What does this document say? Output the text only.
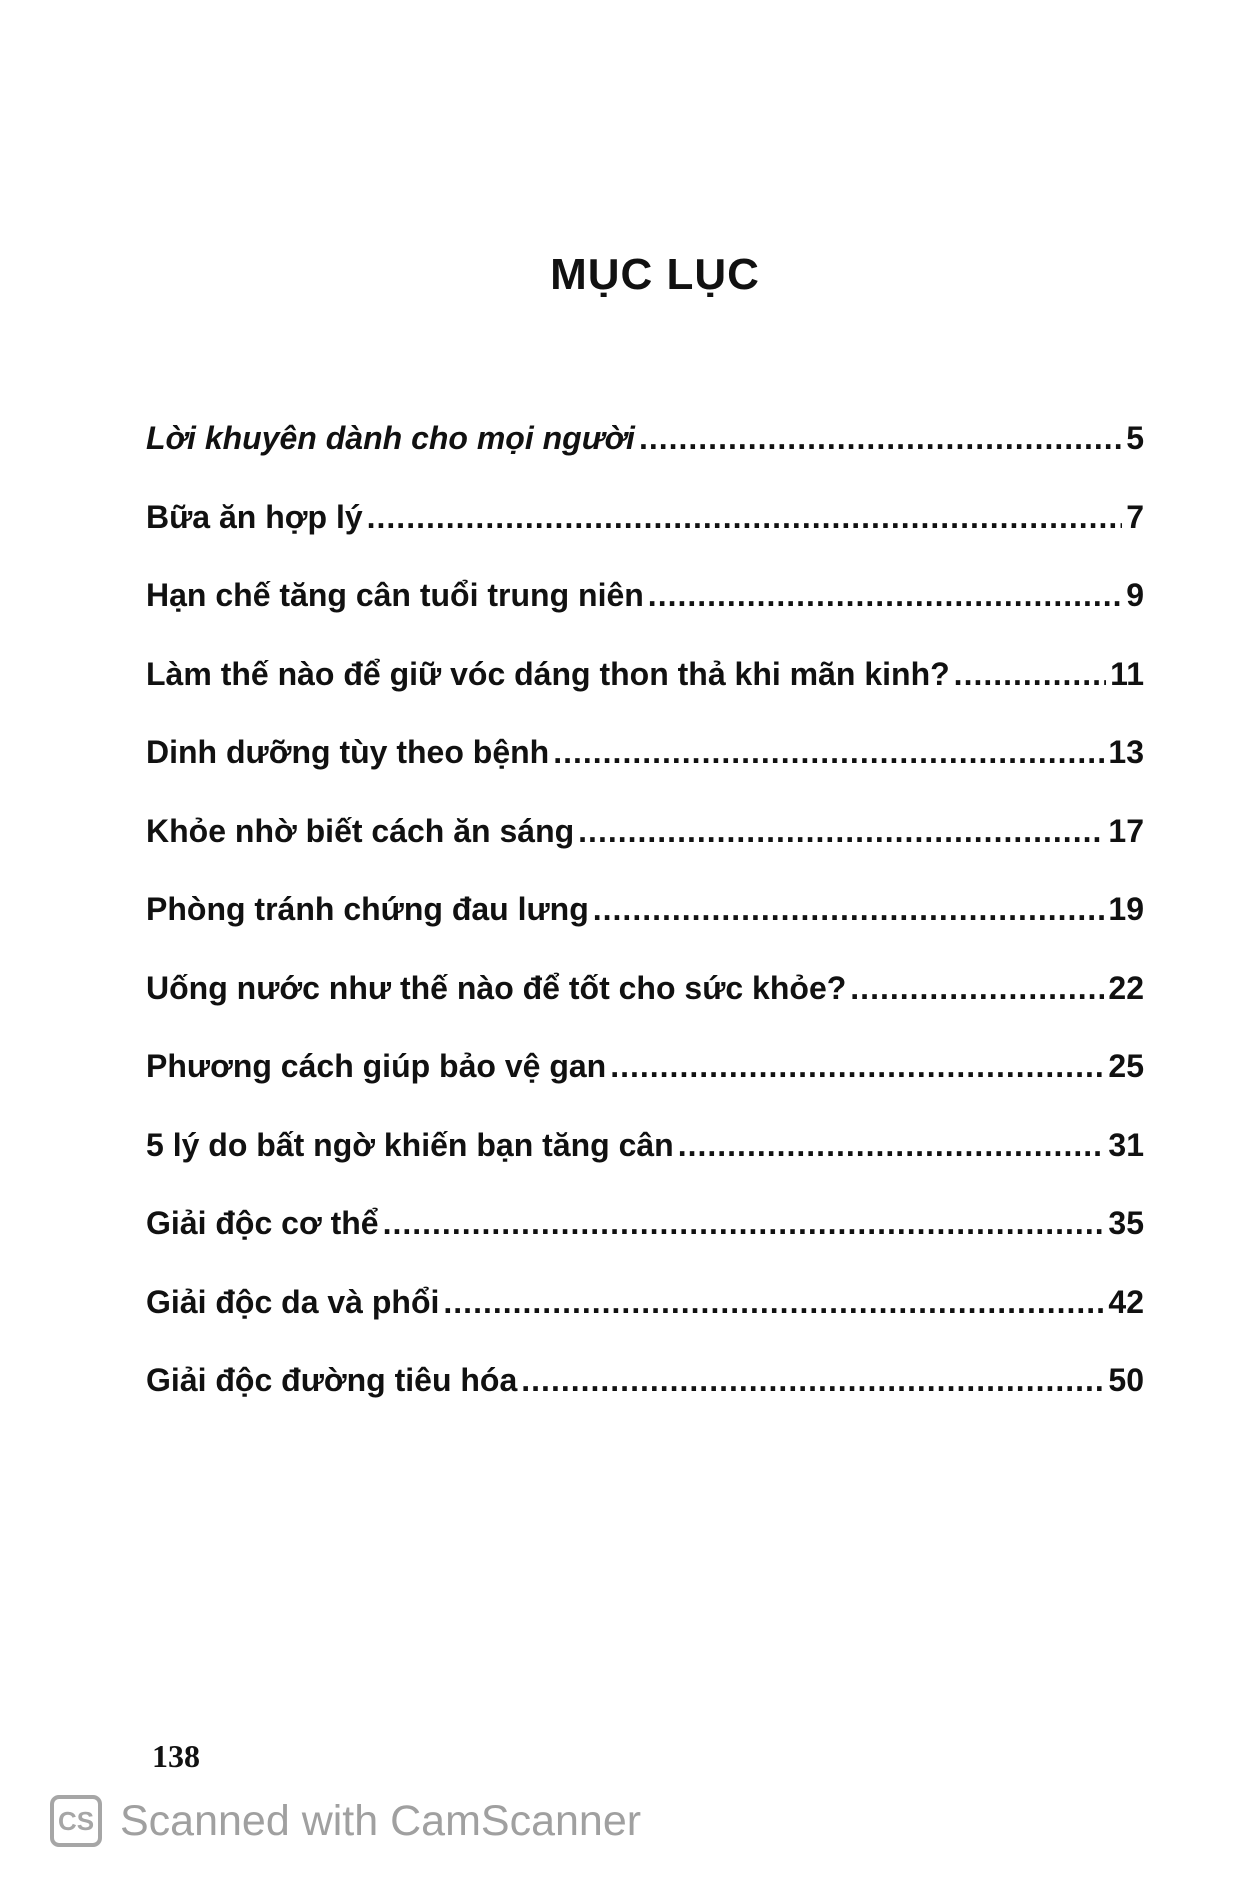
MỤC LỤC
Lời khuyên dành cho mọi người .....	5
Bữa ăn hợp lý .....	7
Hạn chế tăng cân tuổi trung niên .....	9
Làm thế nào để giữ vóc dáng thon thả khi mãn kinh? .....	11
Dinh dưỡng tùy theo bệnh .....	13
Khỏe nhờ biết cách ăn sáng .....	17
Phòng tránh chứng đau lưng .....	19
Uống nước như thế nào để tốt cho sức khỏe? .....	22
Phương cách giúp bảo vệ gan .....	25
5 lý do bất ngờ khiến bạn tăng cân .....	31
Giải độc cơ thể .....	35
Giải độc da và phổi .....	42
Giải độc đường tiêu hóa .....	50
138
CS Scanned with CamScanner
